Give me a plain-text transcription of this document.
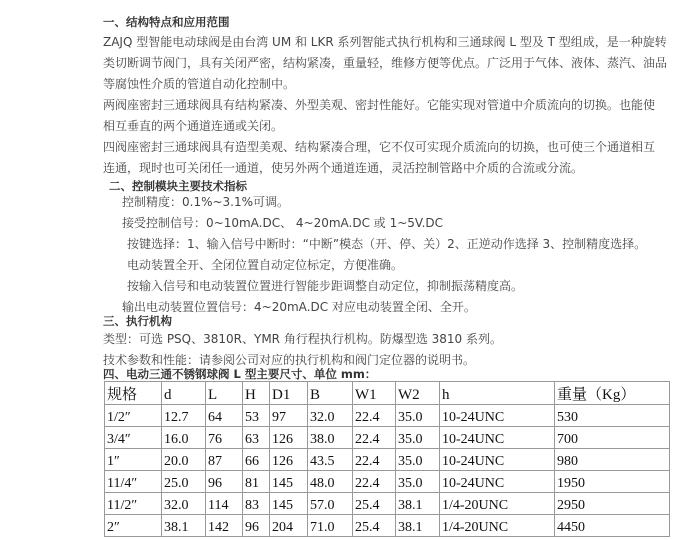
一、结构特点和应用范围
ZAJQ 型智能电动球阀是由台湾 UM 和 LKR 系列智能式执行机构和三通球阀 L 型及 T 型组成，是一种旋转
类切断调节阀门，具有关闭严密，结构紧凑，重量轻，维修方便等优点。广泛用于气体、液体、蒸汽、油品
等腐蚀性介质的管道自动化控制中。
两阀座密封三通球阀具有结构紧凑、外型美观、密封性能好。它能实现对管道中介质流向的切换。也能使
相互垂直的两个通道连通或关闭。
四阀座密封三通球阀具有造型美观、结构紧凑合理，它不仅可实现介质流向的切换，也可使三个通道相互
连通，现时也可关闭任一通道，使另外两个通道连通，灵活控制管路中介质的合流或分流。
二、控制模块主要技术指标
控制精度：0.1%~3.1%可调。
接受控制信号：0~10mA.DC、 4~20mA.DC 或 1~5V.DC
按键选择：1、输入信号中断时：“中断”模态（开、停、关）2、正逆动作选择 3、控制精度选择。
电动装置全开、全闭位置自动定位标定，方便准确。
按输入信号和电动装置位置进行智能步距调整自动定位，抑制振荡精度高。
输出电动装置位置信号：4~20mA.DC 对应电动装置全闭、全开。
三、执行机构
类型：可选 PSQ、3810R、YMR 角行程执行机构。防爆型选 3810 系列。
技术参数和性能：请参阅公司对应的执行机构和阀门定位器的说明书。
四、电动三通不锈钢球阀 L 型主要尺寸、单位 mm：
规格	d	L	H	D1	B	W1	W2	h	重量（Kg）
1/2″	12.7	64	53	97	32.0	22.4	35.0	10-24UNC	530
3/4″	16.0	76	63	126	38.0	22.4	35.0	10-24UNC	700
1″	20.0	87	66	126	43.5	22.4	35.0	10-24UNC	980
11/4″	25.0	96	81	145	48.0	22.4	35.0	10-24UNC	1950
11/2″	32.0	114	83	145	57.0	25.4	38.1	1/4-20UNC	2950
2″	38.1	142	96	204	71.0	25.4	38.1	1/4-20UNC	4450
